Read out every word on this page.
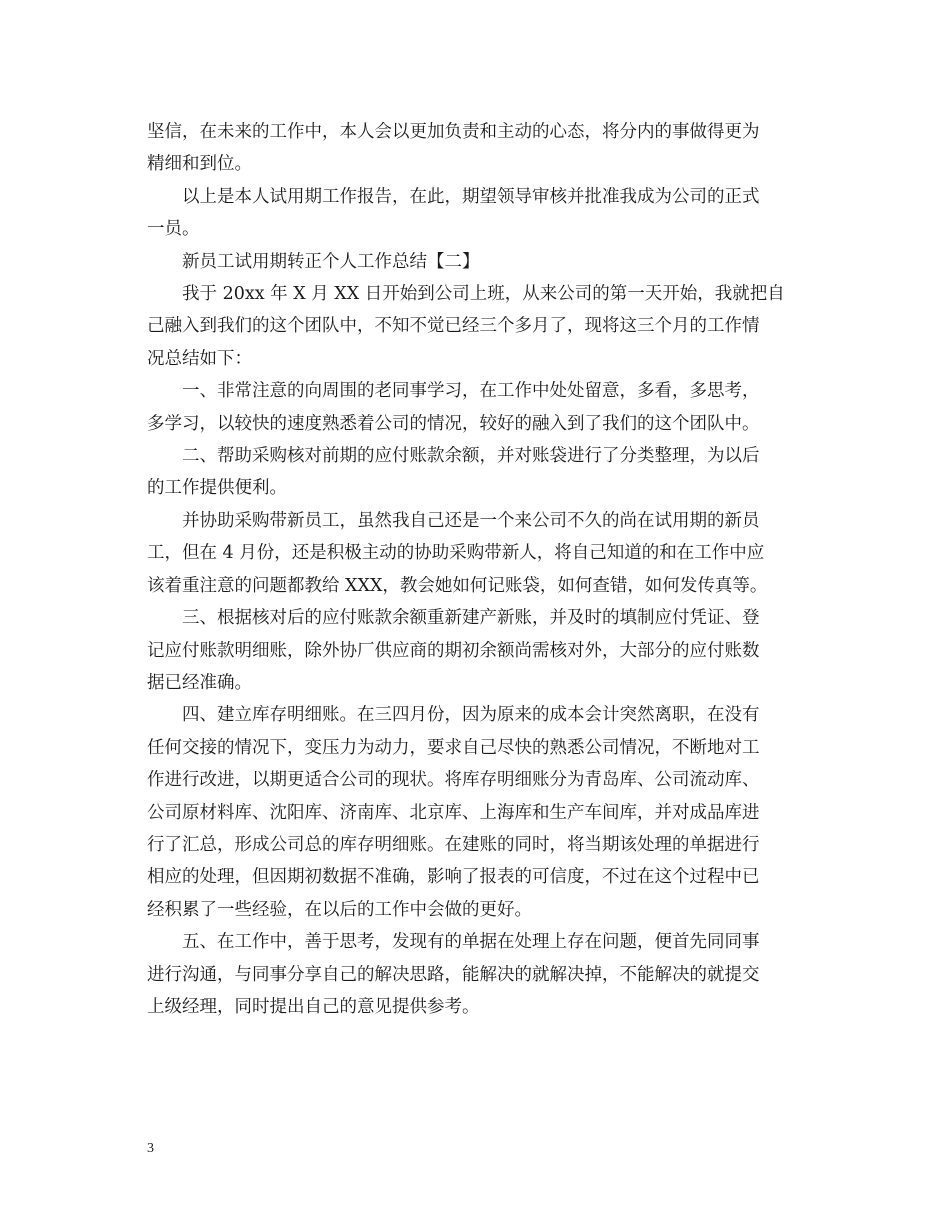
坚信，在未来的工作中，本人会以更加负责和主动的心态，将分内的事做得更为
精细和到位。

以上是本人试用期工作报告，在此，期望领导审核并批准我成为公司的正式
一员。

新员工试用期转正个人工作总结【二】

我于 20xx 年 X 月 XX 日开始到公司上班，从来公司的第一天开始，我就把自
己融入到我们的这个团队中，不知不觉已经三个多月了，现将这三个月的工作情
况总结如下：

一、非常注意的向周围的老同事学习，在工作中处处留意，多看，多思考，
多学习，以较快的速度熟悉着公司的情况，较好的融入到了我们的这个团队中。

二、帮助采购核对前期的应付账款余额，并对账袋进行了分类整理，为以后
的工作提供便利。

并协助采购带新员工，虽然我自己还是一个来公司不久的尚在试用期的新员
工，但在 4 月份，还是积极主动的协助采购带新人，将自己知道的和在工作中应
该着重注意的问题都教给 XXX，教会她如何记账袋，如何查错，如何发传真等。

三、根据核对后的应付账款余额重新建产新账，并及时的填制应付凭证、登
记应付账款明细账，除外协厂供应商的期初余额尚需核对外，大部分的应付账数
据已经准确。

四、建立库存明细账。在三四月份，因为原来的成本会计突然离职，在没有
任何交接的情况下，变压力为动力，要求自己尽快的熟悉公司情况，不断地对工
作进行改进，以期更适合公司的现状。将库存明细账分为青岛库、公司流动库、
公司原材料库、沈阳库、济南库、北京库、上海库和生产车间库，并对成品库进
行了汇总，形成公司总的库存明细账。在建账的同时，将当期该处理的单据进行
相应的处理，但因期初数据不准确，影响了报表的可信度，不过在这个过程中已
经积累了一些经验，在以后的工作中会做的更好。

五、在工作中，善于思考，发现有的单据在处理上存在问题，便首先同同事
进行沟通，与同事分享自己的解决思路，能解决的就解决掉，不能解决的就提交
上级经理，同时提出自己的意见提供参考。

3
